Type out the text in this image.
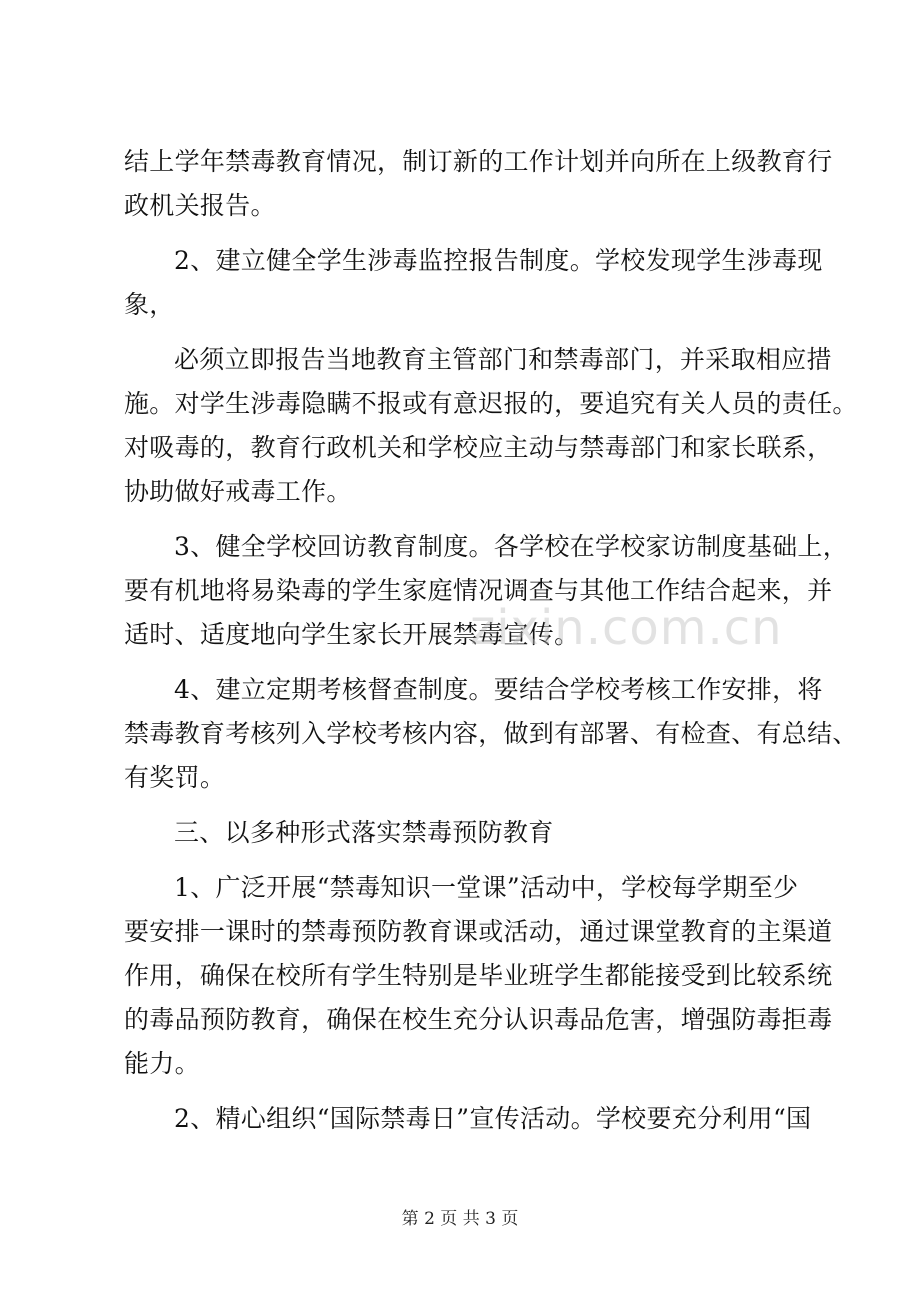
结上学年禁毒教育情况，制订新的工作计划并向所在上级教育行
政机关报告。
2、建立健全学生涉毒监控报告制度。学校发现学生涉毒现
象，
必须立即报告当地教育主管部门和禁毒部门，并采取相应措
施。对学生涉毒隐瞒不报或有意迟报的，要追究有关人员的责任。
对吸毒的，教育行政机关和学校应主动与禁毒部门和家长联系，
协助做好戒毒工作。
3、健全学校回访教育制度。各学校在学校家访制度基础上，
要有机地将易染毒的学生家庭情况调查与其他工作结合起来，并
适时、适度地向学生家长开展禁毒宣传。
4、建立定期考核督查制度。要结合学校考核工作安排，将
禁毒教育考核列入学校考核内容，做到有部署、有检查、有总结、
有奖罚。
三、以多种形式落实禁毒预防教育
1、广泛开展“禁毒知识一堂课”活动中，学校每学期至少
要安排一课时的禁毒预防教育课或活动，通过课堂教育的主渠道
作用，确保在校所有学生特别是毕业班学生都能接受到比较系统
的毒品预防教育，确保在校生充分认识毒品危害，增强防毒拒毒
能力。
2、精心组织“国际禁毒日”宣传活动。学校要充分利用“国
zixin.com.cn
第 2 页 共 3 页
